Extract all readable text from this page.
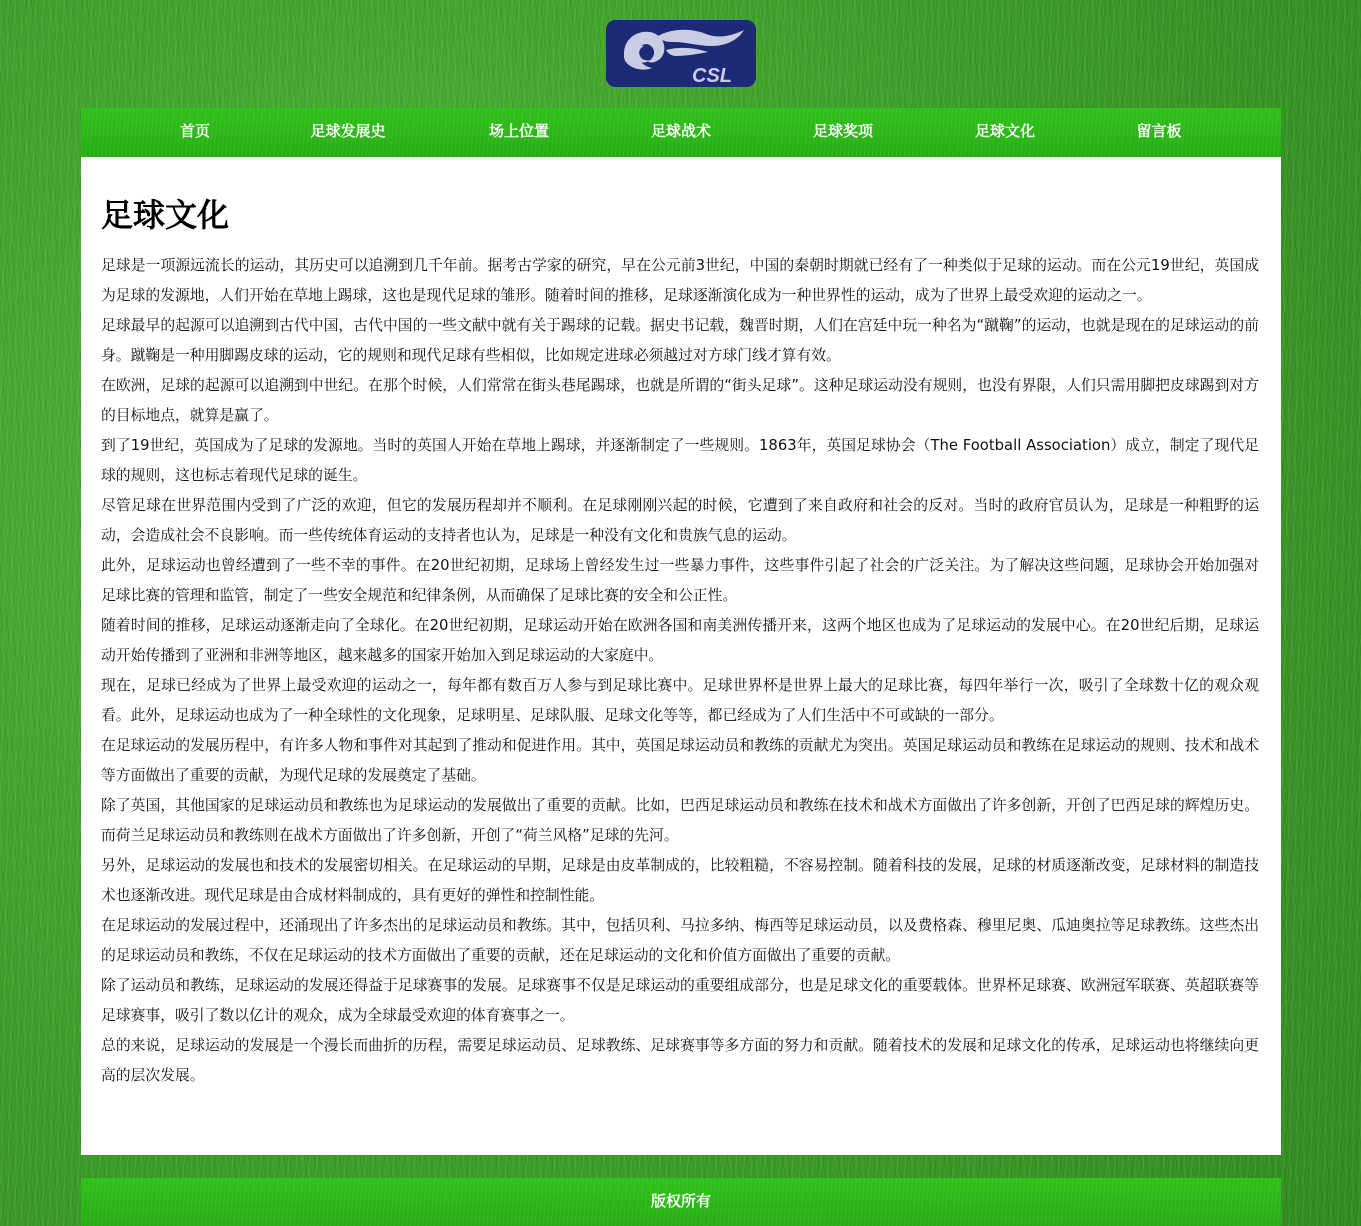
CSL
首页	足球发展史	场上位置	足球战术	足球奖项	足球文化	留言板
足球文化

足球是一项源远流长的运动，其历史可以追溯到几千年前。据考古学家的研究，早在公元前3世纪，中国的秦朝时期就已经有了一种类似于足球的运动。而在公元19世纪，英国成为足球的发源地，人们开始在草地上踢球，这也是现代足球的雏形。随着时间的推移，足球逐渐演化成为一种世界性的运动，成为了世界上最受欢迎的运动之一。

足球最早的起源可以追溯到古代中国，古代中国的一些文献中就有关于踢球的记载。据史书记载，魏晋时期，人们在宫廷中玩一种名为“蹴鞠”的运动，也就是现在的足球运动的前身。蹴鞠是一种用脚踢皮球的运动，它的规则和现代足球有些相似，比如规定进球必须越过对方球门线才算有效。

在欧洲，足球的起源可以追溯到中世纪。在那个时候，人们常常在街头巷尾踢球，也就是所谓的“街头足球”。这种足球运动没有规则，也没有界限，人们只需用脚把皮球踢到对方的目标地点，就算是赢了。

到了19世纪，英国成为了足球的发源地。当时的英国人开始在草地上踢球，并逐渐制定了一些规则。1863年，英国足球协会（The Football Association）成立，制定了现代足球的规则，这也标志着现代足球的诞生。

尽管足球在世界范围内受到了广泛的欢迎，但它的发展历程却并不顺利。在足球刚刚兴起的时候，它遭到了来自政府和社会的反对。当时的政府官员认为，足球是一种粗野的运动，会造成社会不良影响。而一些传统体育运动的支持者也认为，足球是一种没有文化和贵族气息的运动。

此外，足球运动也曾经遭到了一些不幸的事件。在20世纪初期，足球场上曾经发生过一些暴力事件，这些事件引起了社会的广泛关注。为了解决这些问题，足球协会开始加强对足球比赛的管理和监管，制定了一些安全规范和纪律条例，从而确保了足球比赛的安全和公正性。

随着时间的推移，足球运动逐渐走向了全球化。在20世纪初期，足球运动开始在欧洲各国和南美洲传播开来，这两个地区也成为了足球运动的发展中心。在20世纪后期，足球运动开始传播到了亚洲和非洲等地区，越来越多的国家开始加入到足球运动的大家庭中。

现在，足球已经成为了世界上最受欢迎的运动之一，每年都有数百万人参与到足球比赛中。足球世界杯是世界上最大的足球比赛，每四年举行一次，吸引了全球数十亿的观众观看。此外，足球运动也成为了一种全球性的文化现象，足球明星、足球队服、足球文化等等，都已经成为了人们生活中不可或缺的一部分。

在足球运动的发展历程中，有许多人物和事件对其起到了推动和促进作用。其中，英国足球运动员和教练的贡献尤为突出。英国足球运动员和教练在足球运动的规则、技术和战术等方面做出了重要的贡献，为现代足球的发展奠定了基础。

除了英国，其他国家的足球运动员和教练也为足球运动的发展做出了重要的贡献。比如，巴西足球运动员和教练在技术和战术方面做出了许多创新，开创了巴西足球的辉煌历史。而荷兰足球运动员和教练则在战术方面做出了许多创新，开创了“荷兰风格”足球的先河。

另外，足球运动的发展也和技术的发展密切相关。在足球运动的早期，足球是由皮革制成的，比较粗糙，不容易控制。随着科技的发展，足球的材质逐渐改变，足球材料的制造技术也逐渐改进。现代足球是由合成材料制成的，具有更好的弹性和控制性能。

在足球运动的发展过程中，还涌现出了许多杰出的足球运动员和教练。其中，包括贝利、马拉多纳、梅西等足球运动员，以及费格森、穆里尼奥、瓜迪奥拉等足球教练。这些杰出的足球运动员和教练，不仅在足球运动的技术方面做出了重要的贡献，还在足球运动的文化和价值方面做出了重要的贡献。

除了运动员和教练，足球运动的发展还得益于足球赛事的发展。足球赛事不仅是足球运动的重要组成部分，也是足球文化的重要载体。世界杯足球赛、欧洲冠军联赛、英超联赛等足球赛事，吸引了数以亿计的观众，成为全球最受欢迎的体育赛事之一。

总的来说，足球运动的发展是一个漫长而曲折的历程，需要足球运动员、足球教练、足球赛事等多方面的努力和贡献。随着技术的发展和足球文化的传承，足球运动也将继续向更高的层次发展。

版权所有
